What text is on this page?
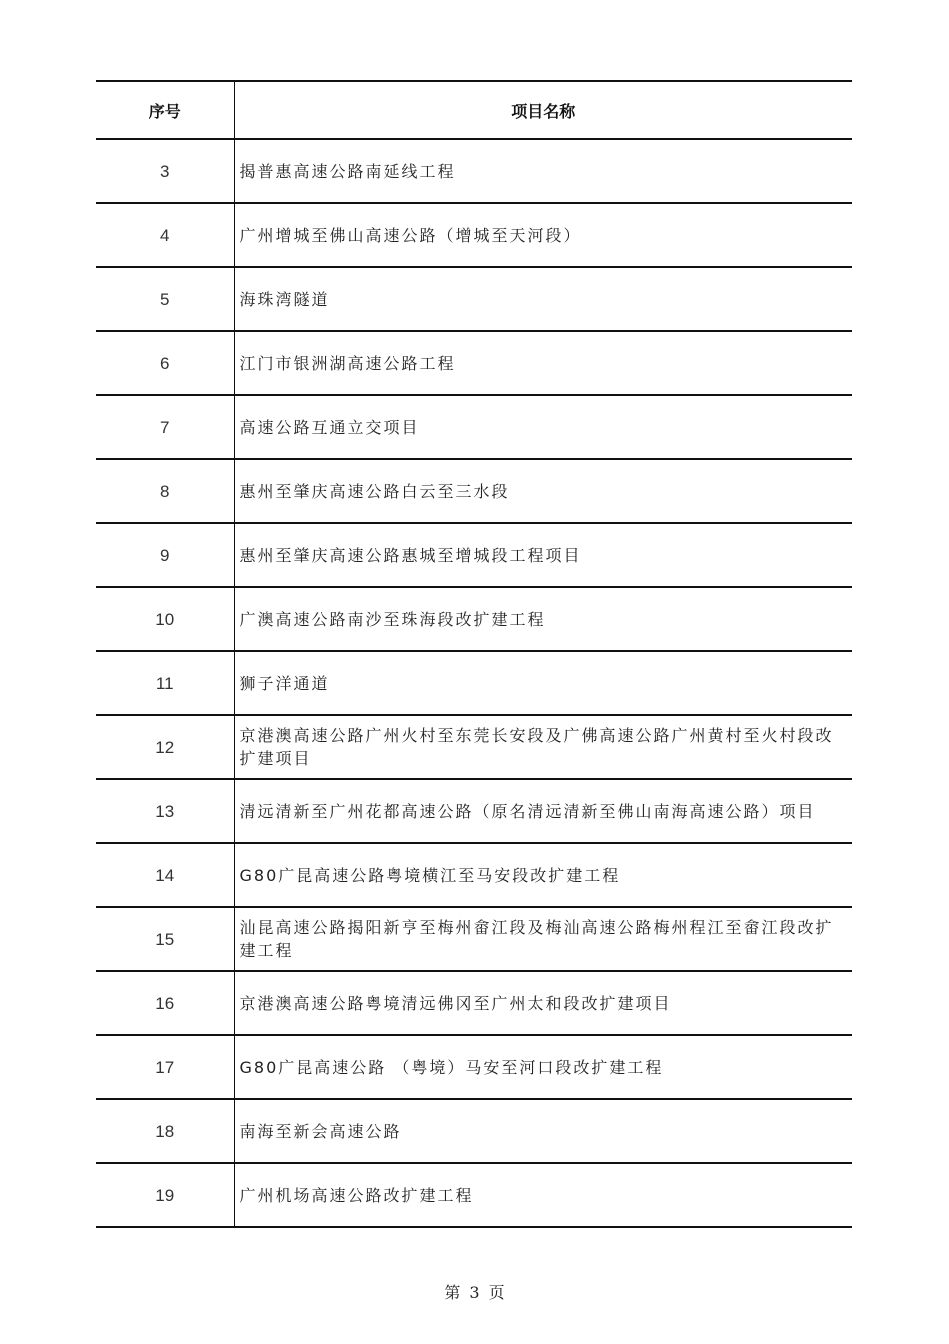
序号	项目名称
3	揭普惠高速公路南延线工程
4	广州增城至佛山高速公路（增城至天河段）
5	海珠湾隧道
6	江门市银洲湖高速公路工程
7	高速公路互通立交项目
8	惠州至肇庆高速公路白云至三水段
9	惠州至肇庆高速公路惠城至增城段工程项目
10	广澳高速公路南沙至珠海段改扩建工程
11	狮子洋通道
12	京港澳高速公路广州火村至东莞长安段及广佛高速公路广州黄村至火村段改扩建项目
13	清远清新至广州花都高速公路（原名清远清新至佛山南海高速公路）项目
14	G80广昆高速公路粤境横江至马安段改扩建工程
15	汕昆高速公路揭阳新亨至梅州畲江段及梅汕高速公路梅州程江至畲江段改扩建工程
16	京港澳高速公路粤境清远佛冈至广州太和段改扩建项目
17	G80广昆高速公路 （粤境）马安至河口段改扩建工程
18	南海至新会高速公路
19	广州机场高速公路改扩建工程
第 3 页
